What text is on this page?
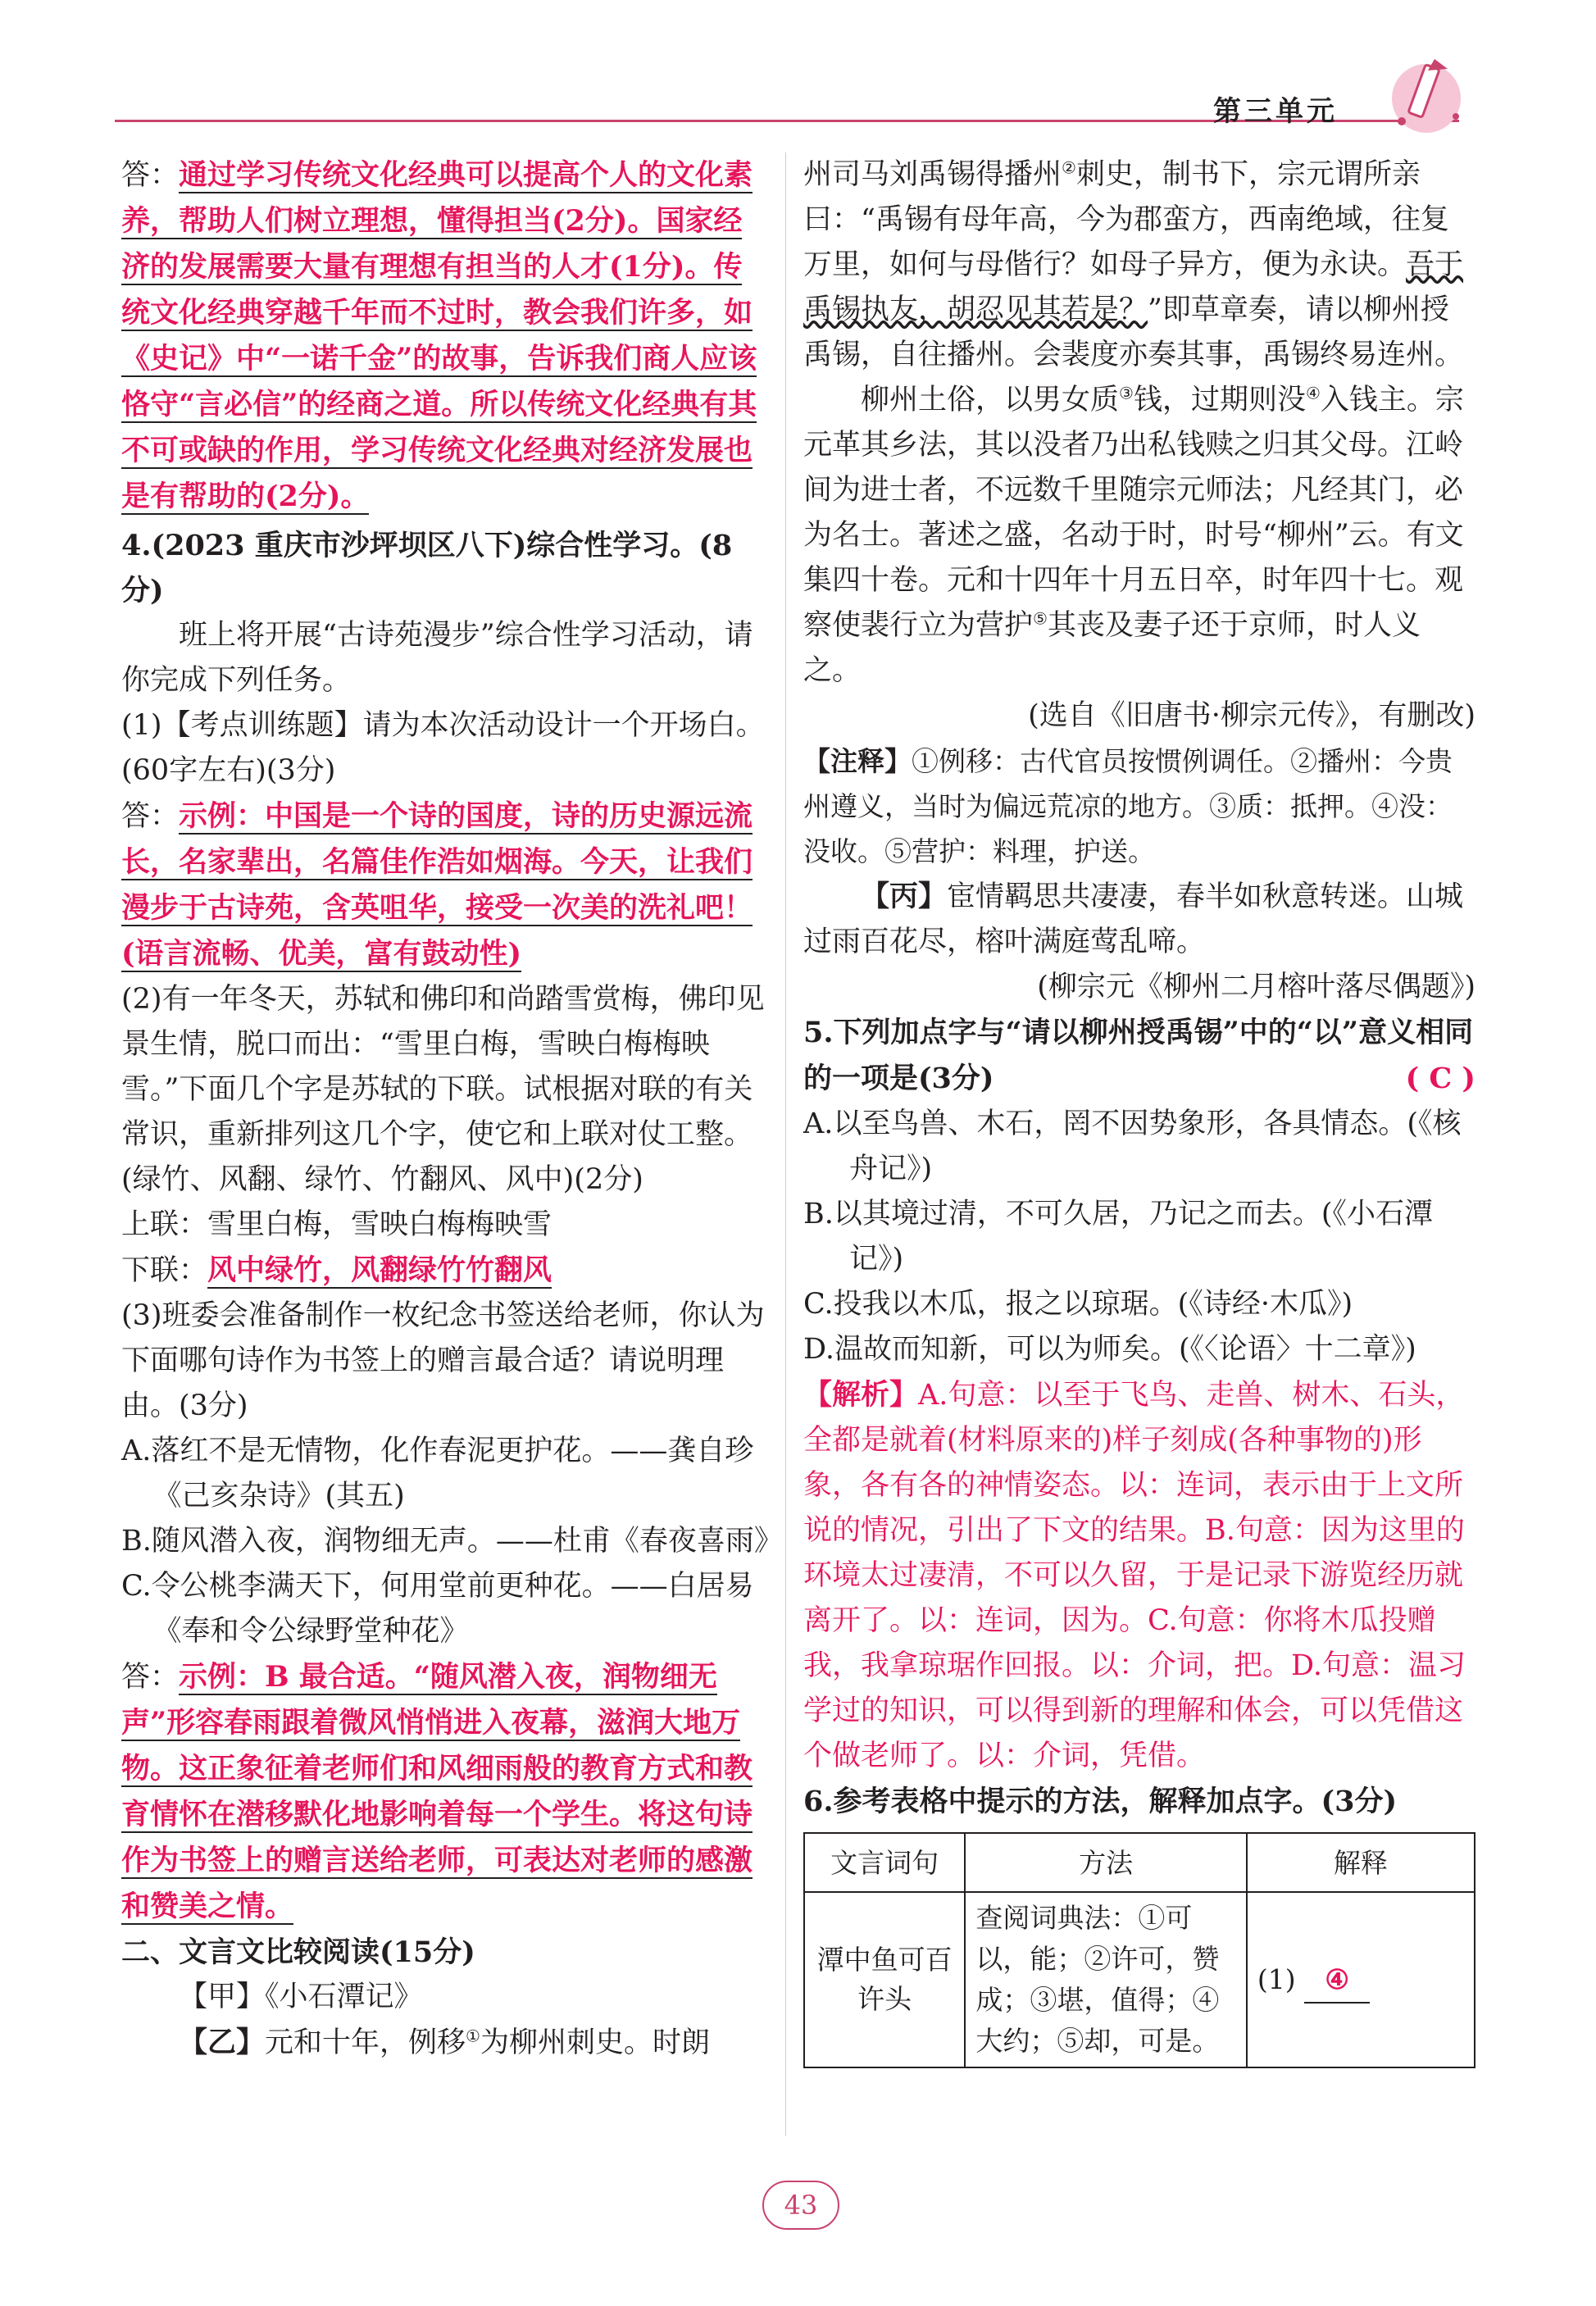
第三单元

答：通过学习传统文化经典可以提高个人的文化素养，帮助人们树立理想，懂得担当(2分)。国家经济的发展需要大量有理想有担当的人才(1分)。传统文化经典穿越千年而不过时，教会我们许多，如《史记》中“一诺千金”的故事，告诉我们商人应该恪守“言必信”的经商之道。所以传统文化经典有其不可或缺的作用，学习传统文化经典对经济发展也是有帮助的(2分)。

4.(2023 重庆市沙坪坝区八下)综合性学习。(8分)

班上将开展“古诗苑漫步”综合性学习活动，请你完成下列任务。

(1)【考点训练题】请为本次活动设计一个开场白。(60字左右)(3分)

答：示例：中国是一个诗的国度，诗的历史源远流长，名家辈出，名篇佳作浩如烟海。今天，让我们漫步于古诗苑，含英咀华，接受一次美的洗礼吧！(语言流畅、优美，富有鼓动性)

(2)有一年冬天，苏轼和佛印和尚踏雪赏梅，佛印见景生情，脱口而出：“雪里白梅，雪映白梅梅映雪。”下面几个字是苏轼的下联。试根据对联的有关常识，重新排列这几个字，使它和上联对仗工整。(绿竹、风翻、绿竹、竹翻风、风中)(2分)

上联：雪里白梅，雪映白梅梅映雪

下联：风中绿竹，风翻绿竹竹翻风

(3)班委会准备制作一枚纪念书签送给老师，你认为下面哪句诗作为书签上的赠言最合适？请说明理由。(3分)

A.落红不是无情物，化作春泥更护花。——龚自珍《己亥杂诗》(其五)

B.随风潜入夜，润物细无声。——杜甫《春夜喜雨》

C.令公桃李满天下，何用堂前更种花。——白居易《奉和令公绿野堂种花》

答：示例：B 最合适。“随风潜入夜，润物细无声”形容春雨跟着微风悄悄进入夜幕，滋润大地万物。这正象征着老师们和风细雨般的教育方式和教育情怀在潜移默化地影响着每一个学生。将这句诗作为书签上的赠言送给老师，可表达对老师的感激和赞美之情。

二、文言文比较阅读(15分)

【甲】《小石潭记》

【乙】元和十年，例移①为柳州刺史。时朗

州司马刘禹锡得播州②刺史，制书下，宗元谓所亲曰：“禹锡有母年高，今为郡蛮方，西南绝域，往复万里，如何与母偕行？如母子异方，便为永诀。吾于禹锡执友，胡忍见其若是？”即草章奏，请以柳州授禹锡，自往播州。会裴度亦奏其事，禹锡终易连州。

柳州土俗，以男女质③钱，过期则没④入钱主。宗元革其乡法，其以没者乃出私钱赎之归其父母。江岭间为进士者，不远数千里随宗元师法；凡经其门，必为名士。著述之盛，名动于时，时号“柳州”云。有文集四十卷。元和十四年十月五日卒，时年四十七。观察使裴行立为营护⑤其丧及妻子还于京师，时人义之。

(选自《旧唐书·柳宗元传》，有删改)

【注释】①例移：古代官员按惯例调任。②播州：今贵州遵义，当时为偏远荒凉的地方。③质：抵押。④没：没收。⑤营护：料理，护送。

【丙】宦情羁思共凄凄，春半如秋意转迷。山城过雨百花尽，榕叶满庭莺乱啼。

(柳宗元《柳州二月榕叶落尽偶题》)

5.下列加点字与“请以柳州授禹锡”中的“以”意义相同的一项是(3分)	( C )

A.以至鸟兽、木石，罔不因势象形，各具情态。(《核舟记》)

B.以其境过清，不可久居，乃记之而去。(《小石潭记》)

C.投我以木瓜，报之以琼琚。(《诗经·木瓜》)

D.温故而知新，可以为师矣。(《〈论语〉十二章》)

【解析】A.句意：以至于飞鸟、走兽、树木、石头，全都是就着(材料原来的)样子刻成(各种事物的)形象，各有各的神情姿态。以：连词，表示由于上文所说的情况，引出了下文的结果。B.句意：因为这里的环境太过凄清，不可以久留，于是记录下游览经历就离开了。以：连词，因为。C.句意：你将木瓜投赠我，我拿琼琚作回报。以：介词，把。D.句意：温习学过的知识，可以得到新的理解和体会，可以凭借这个做老师了。以：介词，凭借。

6.参考表格中提示的方法，解释加点字。(3分)

文言词句	方法	解释
潭中鱼可百许头	查阅词典法：①可以，能；②许可，赞成；③堪，值得；④大约；⑤却，可是。	(1) ④
43
